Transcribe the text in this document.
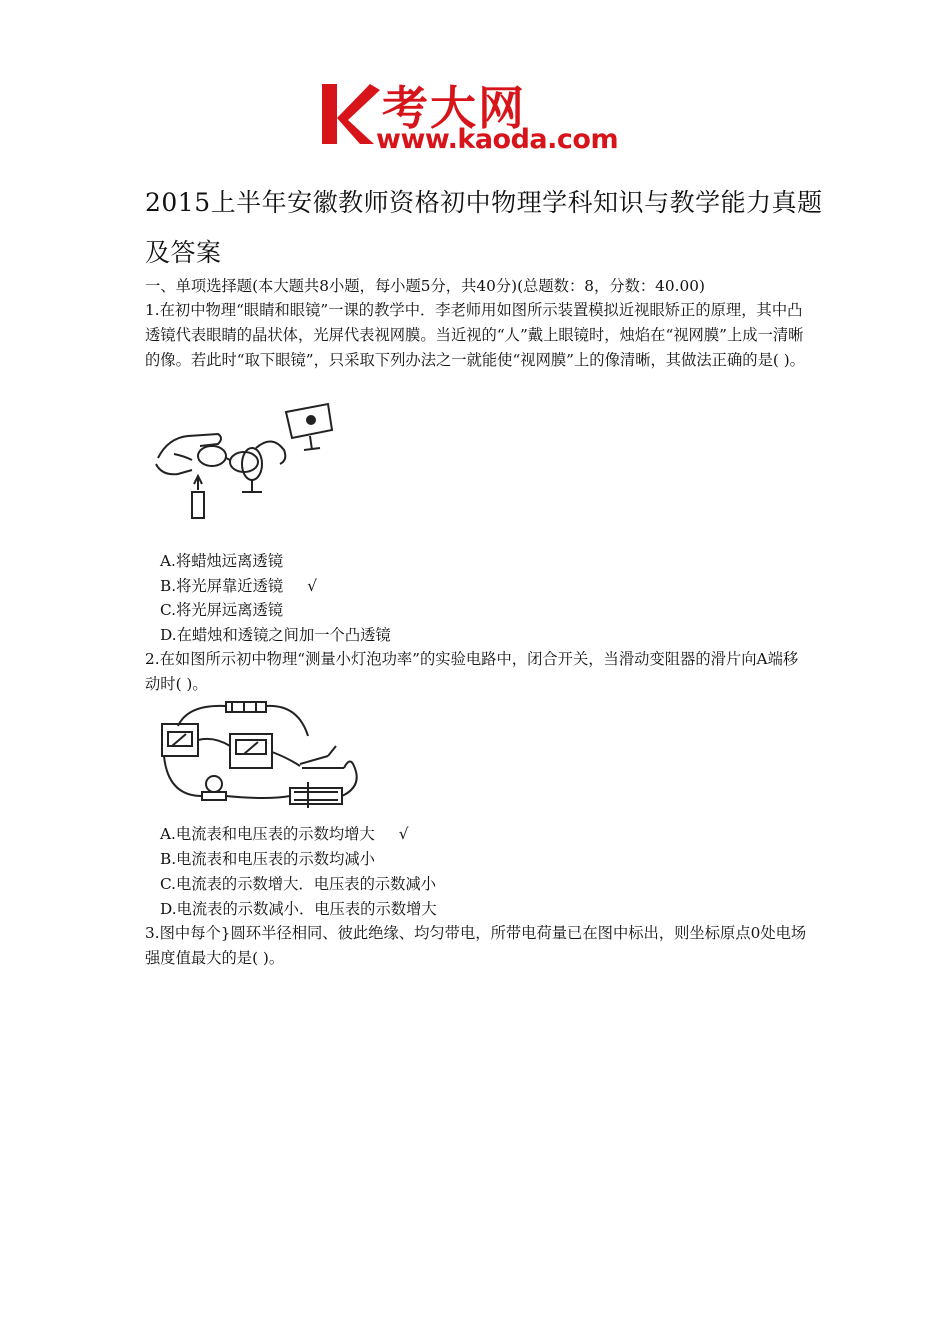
考大网
www.kaoda.com
2015上半年安徽教师资格初中物理学科知识与教学能力真题及答案
一、单项选择题(本大题共8小题，每小题5分，共40分)(总题数：8，分数：40.00)
1.在初中物理“眼睛和眼镜”一课的教学中．李老师用如图所示装置模拟近视眼矫正的原理，其中凸透镜代表眼睛的晶状体，光屏代表视网膜。当近视的“人”戴上眼镜时，烛焰在“视网膜”上成一清晰的像。若此时“取下眼镜”，只采取下列办法之一就能使“视网膜”上的像清晰，其做法正确的是( )。
A.将蜡烛远离透镜
B.将光屏靠近透镜 √
C.将光屏远离透镜
D.在蜡烛和透镜之间加一个凸透镜
2.在如图所示初中物理“测量小灯泡功率”的实验电路中，闭合开关，当滑动变阻器的滑片向A端移动时( )。
A.电流表和电压表的示数均增大 √
B.电流表和电压表的示数均减小
C.电流表的示数增大．电压表的示数减小
D.电流表的示数减小．电压表的示数增大
3.图中每个}圆环半径相同、彼此绝缘、均匀带电，所带电荷量已在图中标出，则坐标原点0处电场强度值最大的是( )。
